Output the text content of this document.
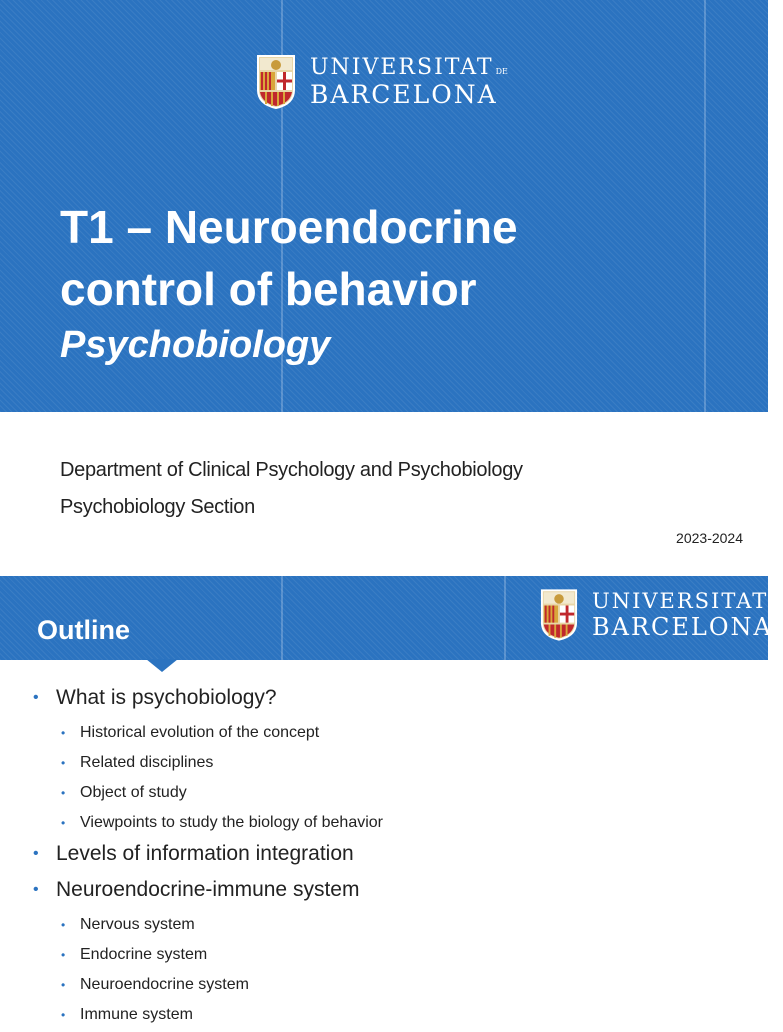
UNIVERSITAT DE
BARCELONA
T1 – Neuroendocrine
control of behavior
Psychobiology
Department of Clinical Psychology and Psychobiology
Psychobiology Section
2023-2024
UNIVERSITAT DE
BARCELONA
Outline
• What is psychobiology?
• Historical evolution of the concept
• Related disciplines
• Object of study
• Viewpoints to study the biology of behavior
• Levels of information integration
• Neuroendocrine-immune system
• Nervous system
• Endocrine system
• Neuroendocrine system
• Immune system
